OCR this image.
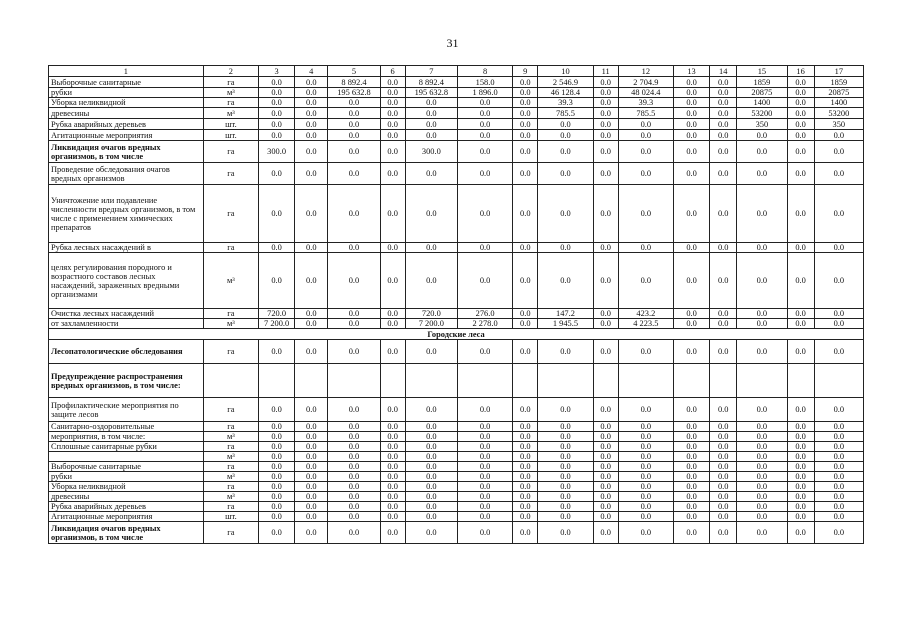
31
1	2	3	4	5	6	7	8	9	10	11	12	13	14	15	16	17
Выборочные санитарные	га	0.0	0.0	8 892.4	0.0	8 892.4	158.0	0.0	2 546.9	0.0	2 704.9	0.0	0.0	1859	0.0	1859
рубки	м³	0.0	0.0	195 632.8	0.0	195 632.8	1 896.0	0.0	46 128.4	0.0	48 024.4	0.0	0.0	20875	0.0	20875
Уборка неликвидной	га	0.0	0.0	0.0	0.0	0.0	0.0	0.0	39.3	0.0	39.3	0.0	0.0	1400	0.0	1400
древесины	м³	0.0	0.0	0.0	0.0	0.0	0.0	0.0	785.5	0.0	785.5	0.0	0.0	53200	0.0	53200
Рубка аварийных деревьев	шт.	0.0	0.0	0.0	0.0	0.0	0.0	0.0	0.0	0.0	0.0	0.0	0.0	350	0.0	350
Агитационные мероприятия	шт.	0.0	0.0	0.0	0.0	0.0	0.0	0.0	0.0	0.0	0.0	0.0	0.0	0.0	0.0	0.0
Ликвидация очагов вредных организмов, в том числе	га	300.0	0.0	0.0	0.0	300.0	0.0	0.0	0.0	0.0	0.0	0.0	0.0	0.0	0.0	0.0
Проведение обследования очагов вредных организмов	га	0.0	0.0	0.0	0.0	0.0	0.0	0.0	0.0	0.0	0.0	0.0	0.0	0.0	0.0	0.0
Уничтожение или подавление численности вредных организмов, в том числе с применением химических препаратов	га	0.0	0.0	0.0	0.0	0.0	0.0	0.0	0.0	0.0	0.0	0.0	0.0	0.0	0.0	0.0
Рубка лесных насаждений в	га	0.0	0.0	0.0	0.0	0.0	0.0	0.0	0.0	0.0	0.0	0.0	0.0	0.0	0.0	0.0
целях регулирования породного и возрастного составов лесных насаждений, зараженных вредными организмами	м³	0.0	0.0	0.0	0.0	0.0	0.0	0.0	0.0	0.0	0.0	0.0	0.0	0.0	0.0	0.0
Очистка лесных насаждений	га	720.0	0.0	0.0	0.0	720.0	276.0	0.0	147.2	0.0	423.2	0.0	0.0	0.0	0.0	0.0
от захламленности	м³	7 200.0	0.0	0.0	0.0	7 200.0	2 278.0	0.0	1 945.5	0.0	4 223.5	0.0	0.0	0.0	0.0	0.0
Городские леса																
Лесопатологические обследования	га	0.0	0.0	0.0	0.0	0.0	0.0	0.0	0.0	0.0	0.0	0.0	0.0	0.0	0.0	0.0
Предупреждение распространения вредных организмов, в том числе:																
Профилактические мероприятия по защите лесов	га	0.0	0.0	0.0	0.0	0.0	0.0	0.0	0.0	0.0	0.0	0.0	0.0	0.0	0.0	0.0
Санитарно-оздоровительные	га	0.0	0.0	0.0	0.0	0.0	0.0	0.0	0.0	0.0	0.0	0.0	0.0	0.0	0.0	0.0
мероприятия, в том числе:	м³	0.0	0.0	0.0	0.0	0.0	0.0	0.0	0.0	0.0	0.0	0.0	0.0	0.0	0.0	0.0
Сплошные санитарные рубки	га	0.0	0.0	0.0	0.0	0.0	0.0	0.0	0.0	0.0	0.0	0.0	0.0	0.0	0.0	0.0
	м³	0.0	0.0	0.0	0.0	0.0	0.0	0.0	0.0	0.0	0.0	0.0	0.0	0.0	0.0	0.0
Выборочные санитарные	га	0.0	0.0	0.0	0.0	0.0	0.0	0.0	0.0	0.0	0.0	0.0	0.0	0.0	0.0	0.0
рубки	м³	0.0	0.0	0.0	0.0	0.0	0.0	0.0	0.0	0.0	0.0	0.0	0.0	0.0	0.0	0.0
Уборка неликвидной	га	0.0	0.0	0.0	0.0	0.0	0.0	0.0	0.0	0.0	0.0	0.0	0.0	0.0	0.0	0.0
древесины	м³	0.0	0.0	0.0	0.0	0.0	0.0	0.0	0.0	0.0	0.0	0.0	0.0	0.0	0.0	0.0
Рубка аварийных деревьев	га	0.0	0.0	0.0	0.0	0.0	0.0	0.0	0.0	0.0	0.0	0.0	0.0	0.0	0.0	0.0
Агитационные мероприятия	шт.	0.0	0.0	0.0	0.0	0.0	0.0	0.0	0.0	0.0	0.0	0.0	0.0	0.0	0.0	0.0
Ликвидация очагов вредных организмов, в том числе	га	0.0	0.0	0.0	0.0	0.0	0.0	0.0	0.0	0.0	0.0	0.0	0.0	0.0	0.0	0.0
